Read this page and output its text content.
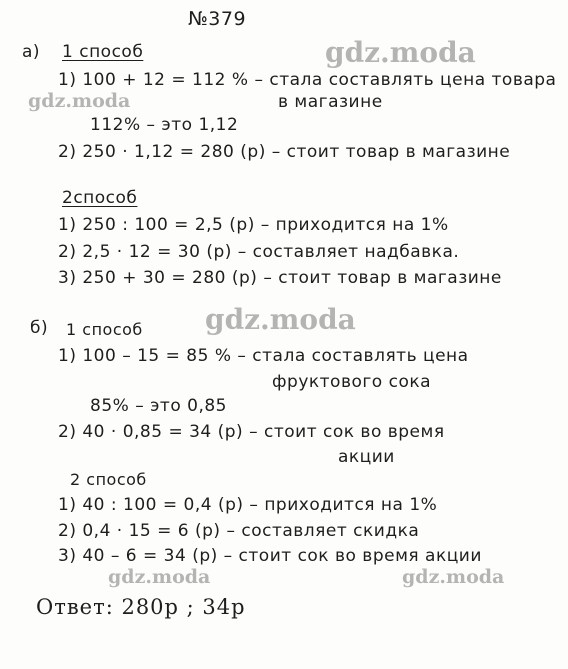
№379
а) 1 способ	gdz.moda
1) 100 + 12 = 112 % – стала составлять цена товара
gdz.moda	в магазине
112% – это 1,12
2) 250 · 1,12 = 280 (р) – стоит товар в магазине
2способ
1) 250 : 100 = 2,5 (р) – приходится на 1%
2) 2,5 · 12 = 30 (р) – составляет надбавка.
3) 250 + 30 = 280 (р) – стоит товар в магазине
б) 1 способ gdz.moda
1) 100 – 15 = 85 % – стала составлять цена
фруктового сока
85% – это 0,85
2) 40 · 0,85 = 34 (р) – стоит сок во время
акции
2 способ
1) 40 : 100 = 0,4 (р) – приходится на 1%
2) 0,4 · 15 = 6 (р) – составляет скидка
3) 40 – 6 = 34 (р) – стоит сок во время акции
gdz.moda	gdz.moda
Ответ: 280р ; 34р
